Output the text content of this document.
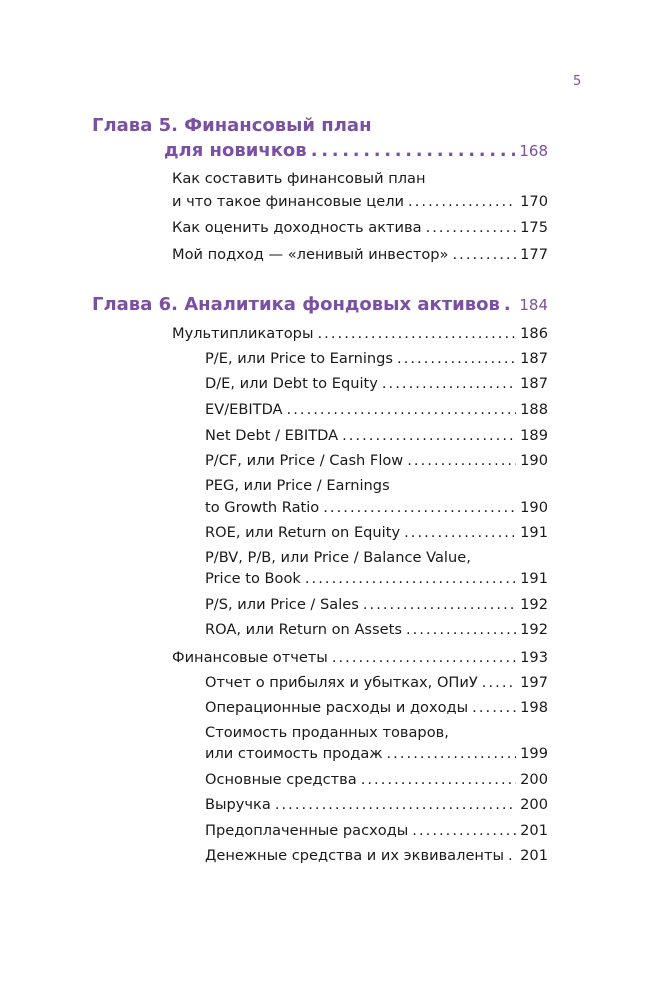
5
Глава 5. Финансовый план
для новичков . . .	168
Как составить финансовый план
и что такое финансовые цели . . .	170
Как оценить доходность актива . . .	175
Мой подход — «ленивый инвестор» . . .	177
Глава 6. Аналитика фондовых активов . . . 184
Мультипликаторы . . .	186
P/E, или Price to Earnings . . .	187
D/E, или Debt to Equity . . .	187
EV/EBITDA . . .	188
Net Debt / EBITDA . . .	189
P/CF, или Price / Cash Flow . . .	190
PEG, или Price / Earnings
to Growth Ratio . . .	190
ROE, или Return on Equity . . .	191
P/BV, P/B, или Price / Balance Value,
Price to Book . . .	191
P/S, или Price / Sales . . .	192
ROA, или Return on Assets . . .	192
Финансовые отчеты . . .	193
Отчет о прибылях и убытках, ОПиУ . . .	197
Операционные расходы и доходы . . .	198
Стоимость проданных товаров,
или стоимость продаж . . .	199
Основные средства . . .	200
Выручка . . .	200
Предоплаченные расходы . . .	201
Денежные средства и их эквиваленты . . . 201
